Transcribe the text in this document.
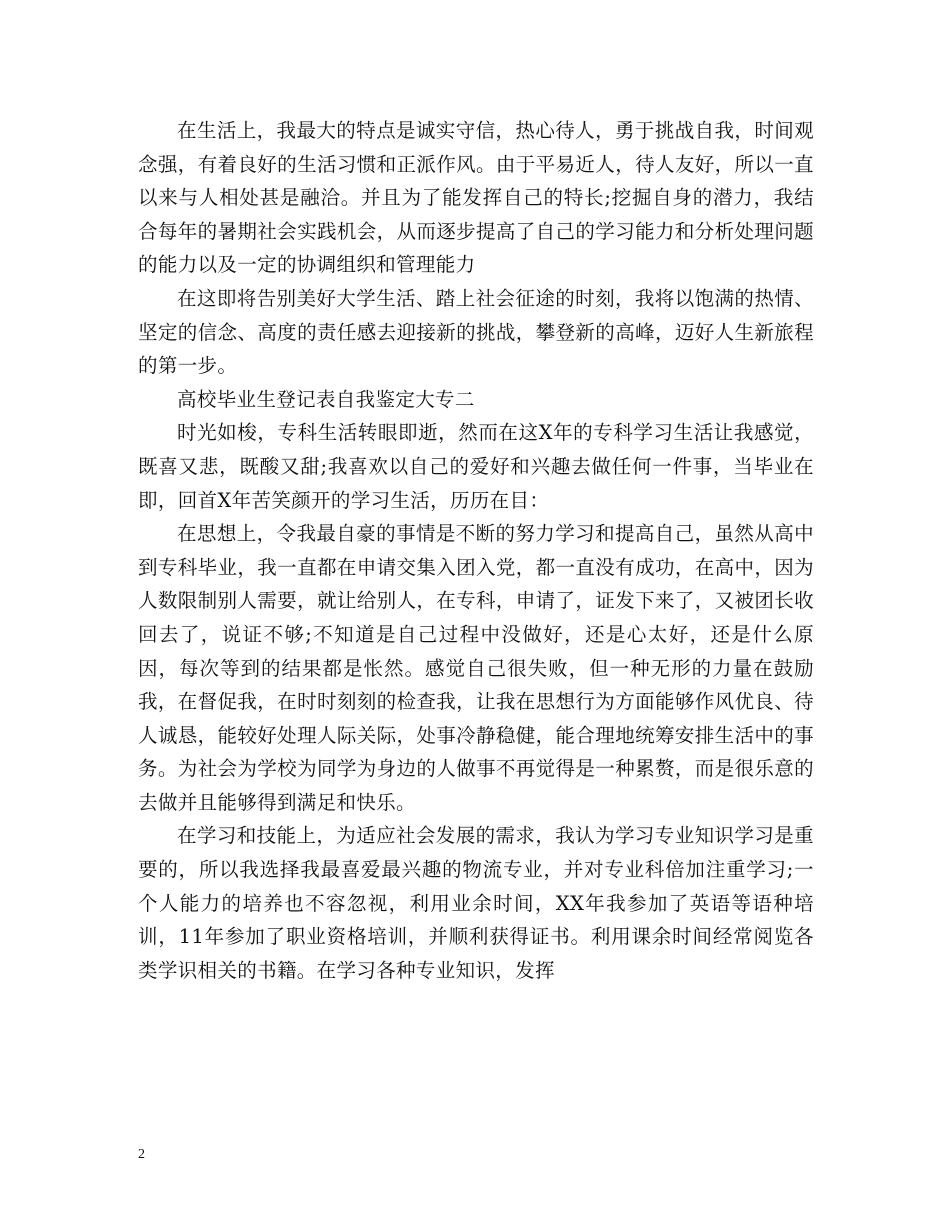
在生活上，我最大的特点是诚实守信，热心待人，勇于挑战自我，时间观念强，有着良好的生活习惯和正派作风。由于平易近人，待人友好，所以一直以来与人相处甚是融洽。并且为了能发挥自己的特长;挖掘自身的潜力，我结合每年的暑期社会实践机会，从而逐步提高了自己的学习能力和分析处理问题的能力以及一定的协调组织和管理能力

在这即将告别美好大学生活、踏上社会征途的时刻，我将以饱满的热情、坚定的信念、高度的责任感去迎接新的挑战，攀登新的高峰，迈好人生新旅程的第一步。

高校毕业生登记表自我鉴定大专二

时光如梭，专科生活转眼即逝，然而在这X年的专科学习生活让我感觉，既喜又悲，既酸又甜;我喜欢以自己的爱好和兴趣去做任何一件事，当毕业在即，回首X年苦笑颜开的学习生活，历历在目：

在思想上，令我最自豪的事情是不断的努力学习和提高自己，虽然从高中到专科毕业，我一直都在申请交集入团入党，都一直没有成功，在高中，因为人数限制别人需要，就让给别人，在专科，申请了，证发下来了，又被团长收回去了，说证不够;不知道是自己过程中没做好，还是心太好，还是什么原因，每次等到的结果都是怅然。感觉自己很失败，但一种无形的力量在鼓励我，在督促我，在时时刻刻的检查我，让我在思想行为方面能够作风优良、待人诚恳，能较好处理人际关际，处事冷静稳健，能合理地统筹安排生活中的事务。为社会为学校为同学为身边的人做事不再觉得是一种累赘，而是很乐意的去做并且能够得到满足和快乐。

在学习和技能上，为适应社会发展的需求，我认为学习专业知识学习是重要的，所以我选择我最喜爱最兴趣的物流专业，并对专业科倍加注重学习;一个人能力的培养也不容忽视，利用业余时间，XX年我参加了英语等语种培训，11年参加了职业资格培训，并顺利获得证书。利用课余时间经常阅览各类学识相关的书籍。在学习各种专业知识，发挥

2
